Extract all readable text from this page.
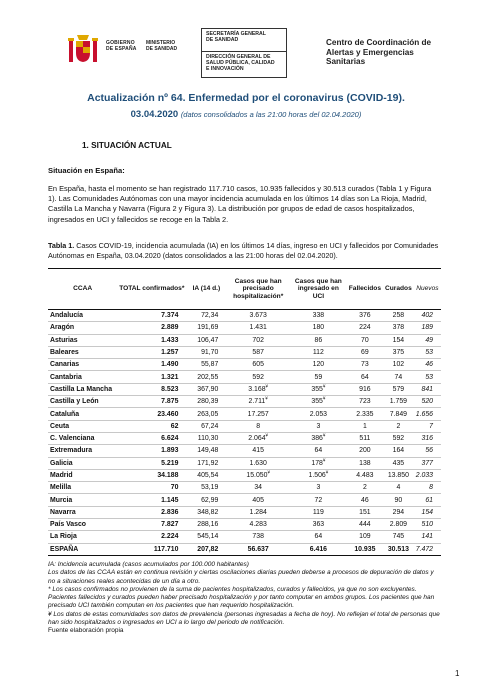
GOBIERNO
DE ESPAÑA
MINISTERIO
DE SANIDAD
SECRETARÍA GENERAL
DE SANIDAD
DIRECCIÓN GENERAL DE
SALUD PÚBLICA, CALIDAD
E INNOVACIÓN
Centro de Coordinación de
Alertas y Emergencias
Sanitarias
Actualización nº 64. Enfermedad por el coronavirus (COVID-19).
03.04.2020 (datos consolidados a las 21:00 horas del 02.04.2020)
1. SITUACIÓN ACTUAL
Situación en España:
En España, hasta el momento se han registrado 117.710 casos, 10.935 fallecidos y 30.513 curados (Tabla 1 y Figura 1). Las Comunidades Autónomas con una mayor incidencia acumulada en los últimos 14 días son La Rioja, Madrid, Castilla La Mancha y Navarra (Figura 2 y Figura 3). La distribución por grupos de edad de casos hospitalizados, ingresados en UCI y fallecidos se recoge en la Tabla 2.
Tabla 1. Casos COVID-19, incidencia acumulada (IA) en los últimos 14 días, ingreso en UCI y fallecidos por Comunidades Autónomas en España, 03.04.2020 (datos consolidados a las 21:00 horas del 02.04.2020).
CCAA	TOTAL confirmados*	IA (14 d.)	Casos que han precisado hospitalización*	Casos que han ingresado en UCI	Fallecidos	Curados	Nuevos
Andalucía	7.374	72,34	3.673	338	376	258	402
Aragón	2.889	191,69	1.431	180	224	378	189
Asturias	1.433	106,47	702	86	70	154	49
Baleares	1.257	91,70	587	112	69	375	53
Canarias	1.490	55,87	605	120	73	102	46
Cantabria	1.321	202,55	592	59	64	74	53
Castilla La Mancha	8.523	367,90	3.168¥	355¥	916	579	841
Castilla y León	7.875	280,39	2.711¥	355¥	723	1.759	520
Cataluña	23.460	263,05	17.257	2.053	2.335	7.849	1.656
Ceuta	62	67,24	8	3	1	2	7
C. Valenciana	6.624	110,30	2.064¥	386¥	511	592	316
Extremadura	1.893	149,48	415	64	200	164	56
Galicia	5.219	171,92	1.630	178¥	138	435	377
Madrid	34.188	405,54	15.050¥	1.506¥	4.483	13.850	2.033
Melilla	70	53,19	34	3	2	4	8
Murcia	1.145	62,99	405	72	46	90	61
Navarra	2.836	348,82	1.284	119	151	294	154
País Vasco	7.827	288,16	4.283	363	444	2.809	510
La Rioja	2.224	545,14	738	64	109	745	141
ESPAÑA	117.710	207,82	56.637	6.416	10.935	30.513	7.472

IA: Incidencia acumulada (casos acumulados por 100.000 habitantes)

Los datos de las CCAA están en continua revisión y ciertas oscilaciones diarias pueden deberse a procesos de depuración de datos y no a situaciones reales acontecidas de un día a otro.

* Los casos confirmados no provienen de la suma de pacientes hospitalizados, curados y fallecidos, ya que no son excluyentes. Pacientes fallecidos y curados pueden haber precisado hospitalización y por tanto computar en ambos grupos. Los pacientes que han precisado UCI también computan en los pacientes que han requerido hospitalización.

¥ Los datos de estas comunidades son datos de prevalencia (personas ingresadas a fecha de hoy). No reflejan el total de personas que han sido hospitalizados o ingresados en UCI a lo largo del periodo de notificación.

Fuente elaboración propia

1
